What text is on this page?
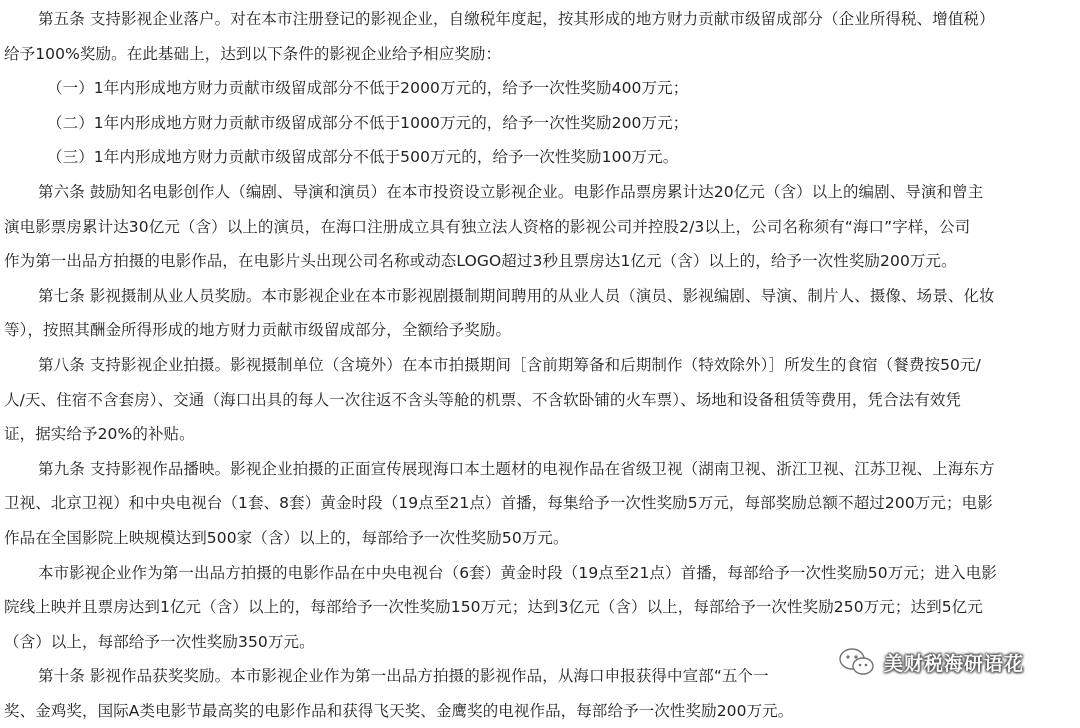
第五条 支持影视企业落户。对在本市注册登记的影视企业，自缴税年度起，按其形成的地方财力贡献市级留成部分（企业所得税、增值税）
给予100%奖励。在此基础上，达到以下条件的影视企业给予相应奖励：
（一）1年内形成地方财力贡献市级留成部分不低于2000万元的，给予一次性奖励400万元；
（二）1年内形成地方财力贡献市级留成部分不低于1000万元的，给予一次性奖励200万元；
（三）1年内形成地方财力贡献市级留成部分不低于500万元的，给予一次性奖励100万元。
第六条 鼓励知名电影创作人（编剧、导演和演员）在本市投资设立影视企业。电影作品票房累计达20亿元（含）以上的编剧、导演和曾主
演电影票房累计达30亿元（含）以上的演员，在海口注册成立具有独立法人资格的影视公司并控股2/3以上，公司名称须有“海口”字样，公司
作为第一出品方拍摄的电影作品，在电影片头出现公司名称或动态LOGO超过3秒且票房达1亿元（含）以上的，给予一次性奖励200万元。
第七条 影视摄制从业人员奖励。本市影视企业在本市影视剧摄制期间聘用的从业人员（演员、影视编剧、导演、制片人、摄像、场景、化妆
等），按照其酬金所得形成的地方财力贡献市级留成部分，全额给予奖励。
第八条 支持影视企业拍摄。影视摄制单位（含境外）在本市拍摄期间［含前期筹备和后期制作（特效除外）］所发生的食宿（餐费按50元/
人/天、住宿不含套房）、交通（海口出具的每人一次往返不含头等舱的机票、不含软卧铺的火车票）、场地和设备租赁等费用，凭合法有效凭
证，据实给予20%的补贴。
第九条 支持影视作品播映。影视企业拍摄的正面宣传展现海口本土题材的电视作品在省级卫视（湖南卫视、浙江卫视、江苏卫视、上海东方
卫视、北京卫视）和中央电视台（1套、8套）黄金时段（19点至21点）首播，每集给予一次性奖励5万元，每部奖励总额不超过200万元；电影
作品在全国影院上映规模达到500家（含）以上的，每部给予一次性奖励50万元。
本市影视企业作为第一出品方拍摄的电影作品在中央电视台（6套）黄金时段（19点至21点）首播，每部给予一次性奖励50万元；进入电影
院线上映并且票房达到1亿元（含）以上的，每部给予一次性奖励150万元；达到3亿元（含）以上，每部给予一次性奖励250万元；达到5亿元
（含）以上，每部给予一次性奖励350万元。
第十条 影视作品获奖奖励。本市影视企业作为第一出品方拍摄的影视作品，从海口申报获得中宣部“五个一
奖、金鸡奖，国际A类电影节最高奖的电影作品和获得飞天奖、金鹰奖的电视作品，每部给予一次性奖励200万元。
美财税海研语花
